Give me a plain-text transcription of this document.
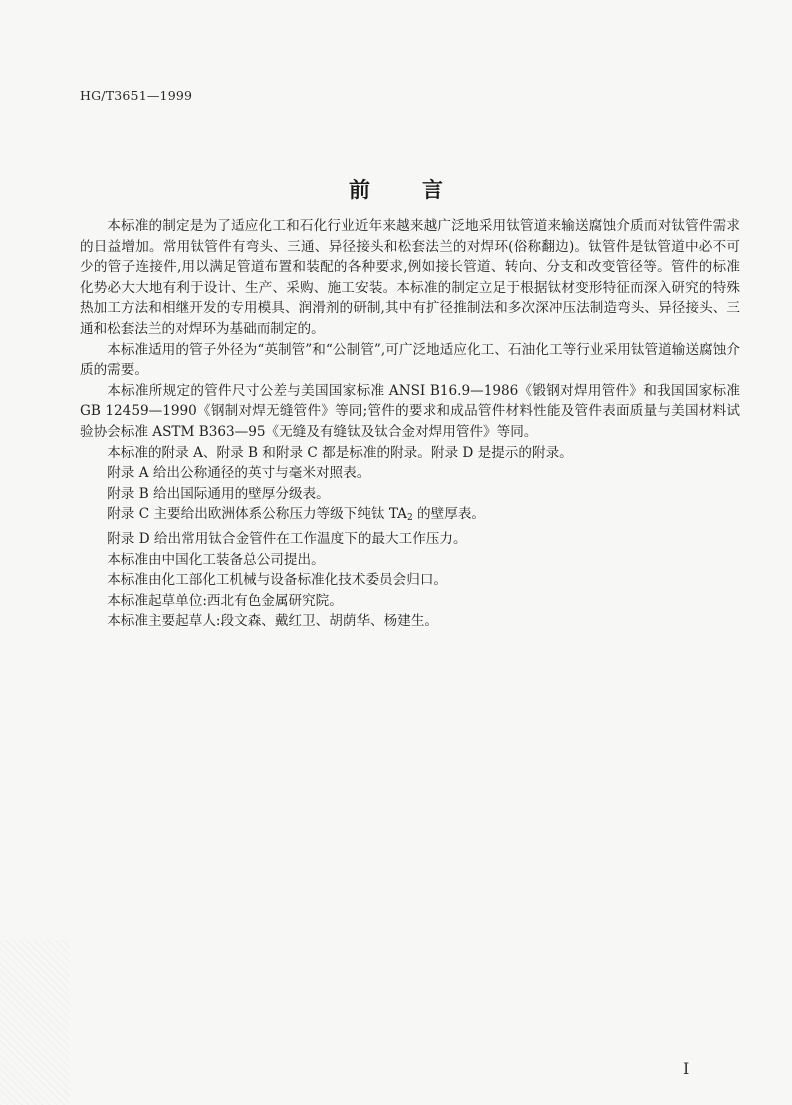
HG/T3651—1999
前 言

本标准的制定是为了适应化工和石化行业近年来越来越广泛地采用钛管道来输送腐蚀介质而对钛管件需求的日益增加。常用钛管件有弯头、三通、异径接头和松套法兰的对焊环(俗称翻边)。钛管件是钛管道中必不可少的管子连接件,用以满足管道布置和装配的各种要求,例如接长管道、转向、分支和改变管径等。管件的标准化势必大大地有利于设计、生产、采购、施工安装。本标准的制定立足于根据钛材变形特征而深入研究的特殊热加工方法和相继开发的专用模具、润滑剂的研制,其中有扩径推制法和多次深冲压法制造弯头、异径接头、三通和松套法兰的对焊环为基础而制定的。

本标准适用的管子外径为“英制管”和“公制管”,可广泛地适应化工、石油化工等行业采用钛管道输送腐蚀介质的需要。

本标准所规定的管件尺寸公差与美国国家标准 ANSI B16.9—1986《锻钢对焊用管件》和我国国家标准 GB 12459—1990《钢制对焊无缝管件》等同;管件的要求和成品管件材料性能及管件表面质量与美国材料试验协会标准 ASTM B363—95《无缝及有缝钛及钛合金对焊用管件》等同。

本标准的附录 A、附录 B 和附录 C 都是标准的附录。附录 D 是提示的附录。

附录 A 给出公称通径的英寸与毫米对照表。

附录 B 给出国际通用的壁厚分级表。

附录 C 主要给出欧洲体系公称压力等级下纯钛 $TA_2$ 的壁厚表。

附录 D 给出常用钛合金管件在工作温度下的最大工作压力。

本标准由中国化工装备总公司提出。

本标准由化工部化工机械与设备标准化技术委员会归口。

本标准起草单位:西北有色金属研究院。

本标准主要起草人:段文森、戴红卫、胡荫华、杨建生。

I
